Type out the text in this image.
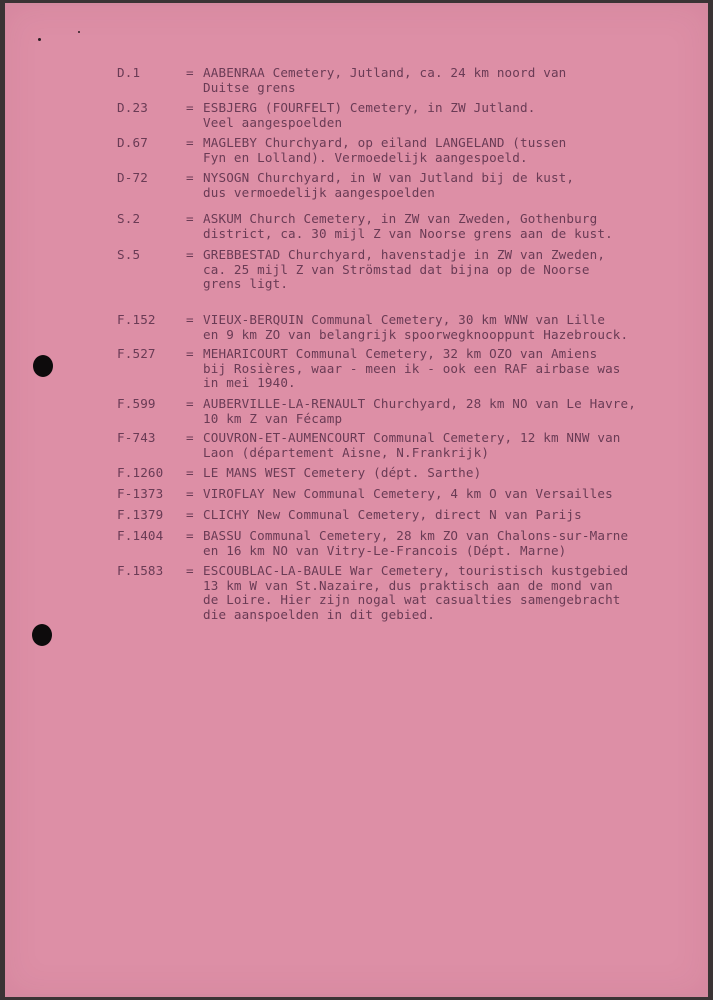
D.1	= AABENRAA Cemetery, Jutland, ca. 24 km noord van
Duitse grens
D.23	= ESBJERG (FOURFELT) Cemetery, in ZW Jutland.
Veel aangespoelden
D.67	= MAGLEBY Churchyard, op eiland LANGELAND (tussen
Fyn en Lolland). Vermoedelijk aangespoeld.
D-72	= NYSOGN Churchyard, in W van Jutland bij de kust,
dus vermoedelijk aangespoelden
S.2	= ASKUM Church Cemetery, in ZW van Zweden, Gothenburg
district, ca. 30 mijl Z van Noorse grens aan de kust.
S.5	= GREBBESTAD Churchyard, havenstadje in ZW van Zweden,
ca. 25 mijl Z van Strömstad dat bijna op de Noorse
grens ligt.
F.152 = VIEUX-BERQUIN Communal Cemetery, 30 km WNW van Lille
en 9 km ZO van belangrijk spoorwegknooppunt Hazebrouck.
F.527 = MEHARICOURT Communal Cemetery, 32 km OZO van Amiens
bij Rosières, waar - meen ik - ook een RAF airbase was
in mei 1940.
F.599 = AUBERVILLE-LA-RENAULT Churchyard, 28 km NO van Le Havre,
10 km Z van Fécamp
F-743 = COUVRON-ET-AUMENCOURT Communal Cemetery, 12 km NNW van
Laon (département Aisne, N.Frankrijk)
F.1260 = LE MANS WEST Cemetery (dépt. Sarthe)
F-1373 = VIROFLAY New Communal Cemetery, 4 km O van Versailles
F.1379 = CLICHY New Communal Cemetery, direct N van Parijs
F.1404 = BASSU Communal Cemetery, 28 km ZO van Chalons-sur-Marne
en 16 km NO van Vitry-Le-Francois (Dépt. Marne)
F.1583 = ESCOUBLAC-LA-BAULE War Cemetery, touristisch kustgebied
13 km W van St.Nazaire, dus praktisch aan de mond van
de Loire. Hier zijn nogal wat casualties samengebracht
die aanspoelden in dit gebied.
